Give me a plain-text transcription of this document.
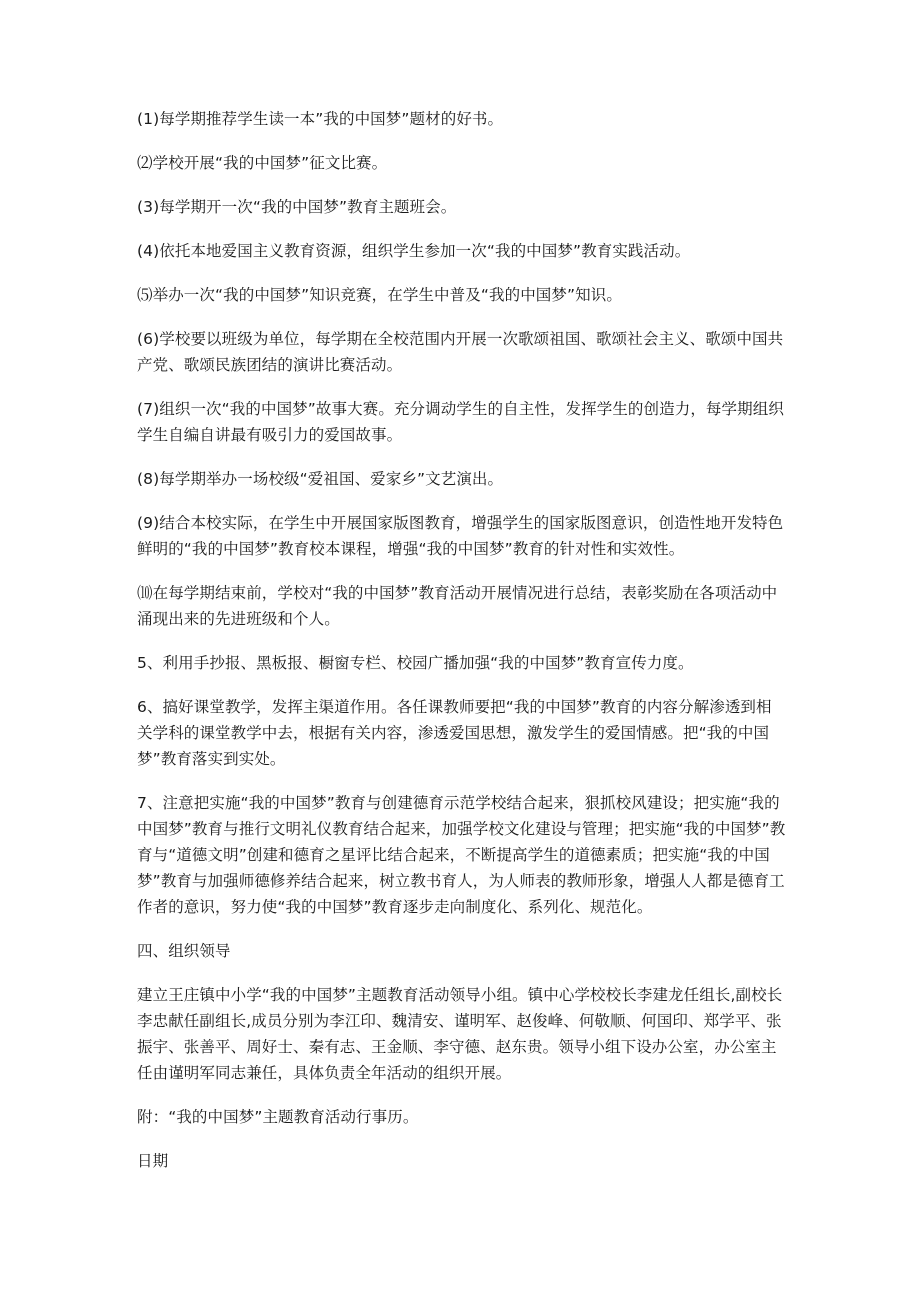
(1)每学期推荐学生读一本”我的中国梦”题材的好书。

⑵学校开展“我的中国梦”征文比赛。

(3)每学期开一次“我的中国梦”教育主题班会。

(4)依托本地爱国主义教育资源，组织学生参加一次“我的中国梦”教育实践活动。

⑸举办一次“我的中国梦”知识竞赛，在学生中普及“我的中国梦”知识。

(6)学校要以班级为单位，每学期在全校范围内开展一次歌颂祖国、歌颂社会主义、歌颂中国共产党、歌颂民族团结的演讲比赛活动。

(7)组织一次“我的中国梦”故事大赛。充分调动学生的自主性，发挥学生的创造力，每学期组织学生自编自讲最有吸引力的爱国故事。

(8)每学期举办一场校级“爱祖国、爱家乡”文艺演出。

(9)结合本校实际，在学生中开展国家版图教育，增强学生的国家版图意识，创造性地开发特色鲜明的“我的中国梦”教育校本课程，增强“我的中国梦”教育的针对性和实效性。

⑽在每学期结束前，学校对“我的中国梦”教育活动开展情况进行总结，表彰奖励在各项活动中涌现出来的先进班级和个人。

5、利用手抄报、黑板报、橱窗专栏、校园广播加强“我的中国梦”教育宣传力度。

6、搞好课堂教学，发挥主渠道作用。各任课教师要把“我的中国梦”教育的内容分解渗透到相关学科的课堂教学中去，根据有关内容，渗透爱国思想，激发学生的爱国情感。把“我的中国梦”教育落实到实处。

7、注意把实施“我的中国梦”教育与创建德育示范学校结合起来，狠抓校风建设；把实施“我的中国梦”教育与推行文明礼仪教育结合起来，加强学校文化建设与管理；把实施“我的中国梦”教育与“道德文明”创建和德育之星评比结合起来，不断提高学生的道德素质；把实施“我的中国梦”教育与加强师德修养结合起来，树立教书育人，为人师表的教师形象，增强人人都是德育工作者的意识，努力使“我的中国梦”教育逐步走向制度化、系列化、规范化。

四、组织领导

建立王庄镇中小学“我的中国梦”主题教育活动领导小组。镇中心学校校长李建龙任组长,副校长李忠献任副组长,成员分别为李江印、魏清安、谨明军、赵俊峰、何敬顺、何国印、郑学平、张振宇、张善平、周好士、秦有志、王金顺、李守德、赵东贵。领导小组下设办公室，办公室主任由谨明军同志兼任，具体负责全年活动的组织开展。

附：“我的中国梦”主题教育活动行事历。

日期
